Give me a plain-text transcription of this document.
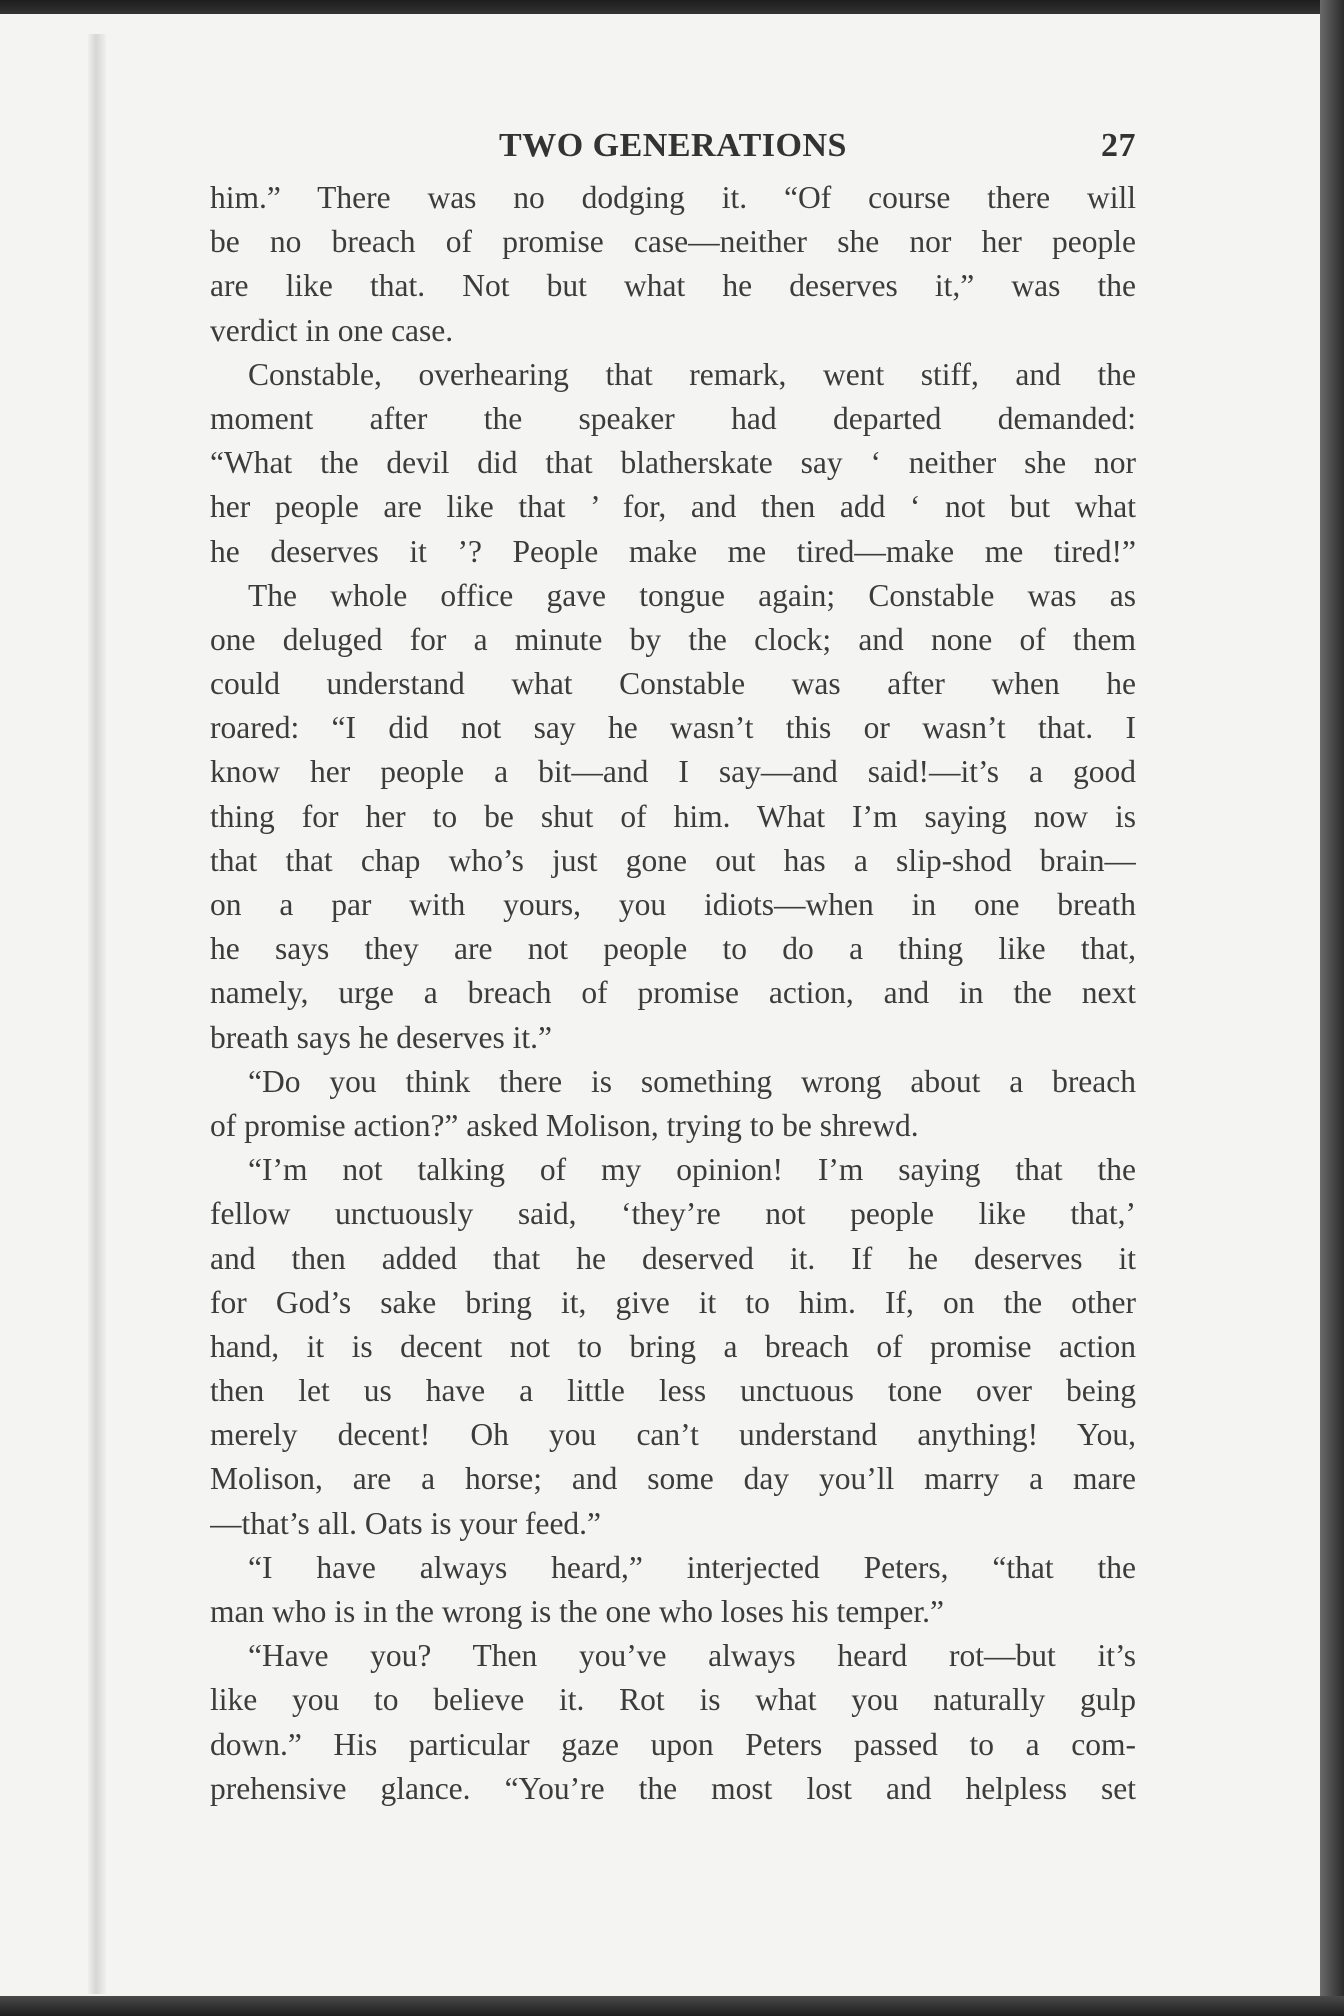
TWO GENERATIONS	27
him.” There was no dodging it. “Of course there will
be no breach of promise case—neither she nor her people
are like that. Not but what he deserves it,” was the
verdict in one case.
Constable, overhearing that remark, went stiff, and the
moment after the speaker had departed demanded:
“What the devil did that blatherskate say ‘ neither she nor
her people are like that ’ for, and then add ‘ not but what
he deserves it ’? People make me tired—make me tired!”
The whole office gave tongue again; Constable was as
one deluged for a minute by the clock; and none of them
could understand what Constable was after when he
roared: “I did not say he wasn’t this or wasn’t that. I
know her people a bit—and I say—and said!—it’s a good
thing for her to be shut of him. What I’m saying now is
that that chap who’s just gone out has a slip-shod brain—
on a par with yours, you idiots—when in one breath
he says they are not people to do a thing like that,
namely, urge a breach of promise action, and in the next
breath says he deserves it.”
“Do you think there is something wrong about a breach
of promise action?” asked Molison, trying to be shrewd.
“I’m not talking of my opinion! I’m saying that the
fellow unctuously said, ‘they’re not people like that,’
and then added that he deserved it. If he deserves it
for God’s sake bring it, give it to him. If, on the other
hand, it is decent not to bring a breach of promise action
then let us have a little less unctuous tone over being
merely decent! Oh you can’t understand anything! You,
Molison, are a horse; and some day you’ll marry a mare
—that’s all. Oats is your feed.”
“I have always heard,” interjected Peters, “that the
man who is in the wrong is the one who loses his temper.”
“Have you? Then you’ve always heard rot—but it’s
like you to believe it. Rot is what you naturally gulp
down.” His particular gaze upon Peters passed to a com-
prehensive glance. “You’re the most lost and helpless set
